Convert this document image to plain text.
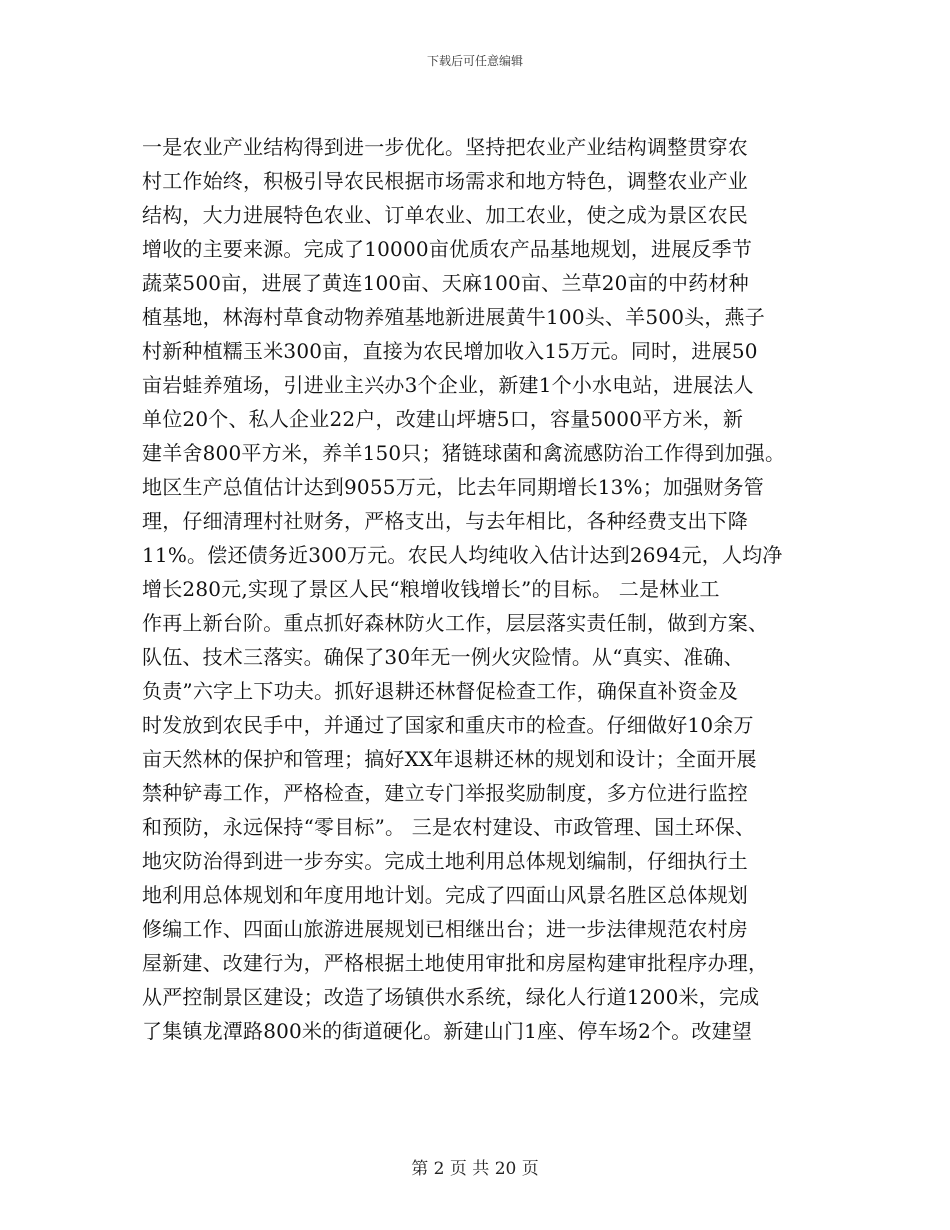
下载后可任意编辑
一是农业产业结构得到进一步优化。坚持把农业产业结构调整贯穿农
村工作始终，积极引导农民根据市场需求和地方特色，调整农业产业
结构，大力进展特色农业、订单农业、加工农业，使之成为景区农民
增收的主要来源。完成了10000亩优质农产品基地规划，进展反季节
蔬菜500亩，进展了黄连100亩、天麻100亩、兰草20亩的中药材种
植基地，林海村草食动物养殖基地新进展黄牛100头、羊500头，燕子
村新种植糯玉米300亩，直接为农民增加收入15万元。同时，进展50
亩岩蛙养殖场，引进业主兴办3个企业，新建1个小水电站，进展法人
单位20个、私人企业22户，改建山坪塘5口，容量5000平方米，新
建羊舍800平方米，养羊150只；猪链球菌和禽流感防治工作得到加强。
地区生产总值估计达到9055万元，比去年同期增长13%；加强财务管
理，仔细清理村社财务，严格支出，与去年相比，各种经费支出下降
11%。偿还债务近300万元。农民人均纯收入估计达到2694元，人均净
增长280元,实现了景区人民“粮增收钱增长”的目标。 二是林业工
作再上新台阶。重点抓好森林防火工作，层层落实责任制，做到方案、
队伍、技术三落实。确保了30年无一例火灾险情。从“真实、准确、
负责”六字上下功夫。抓好退耕还林督促检查工作，确保直补资金及
时发放到农民手中，并通过了国家和重庆市的检查。仔细做好10余万
亩天然林的保护和管理；搞好XX年退耕还林的规划和设计；全面开展
禁种铲毒工作，严格检查，建立专门举报奖励制度，多方位进行监控
和预防，永远保持“零目标”。 三是农村建设、市政管理、国土环保、
地灾防治得到进一步夯实。完成土地利用总体规划编制，仔细执行土
地利用总体规划和年度用地计划。完成了四面山风景名胜区总体规划
修编工作、四面山旅游进展规划已相继出台；进一步法律规范农村房
屋新建、改建行为，严格根据土地使用审批和房屋构建审批程序办理，
从严控制景区建设；改造了场镇供水系统，绿化人行道1200米，完成
了集镇龙潭路800米的街道硬化。新建山门1座、停车场2个。改建望
第 2 页 共 20 页
